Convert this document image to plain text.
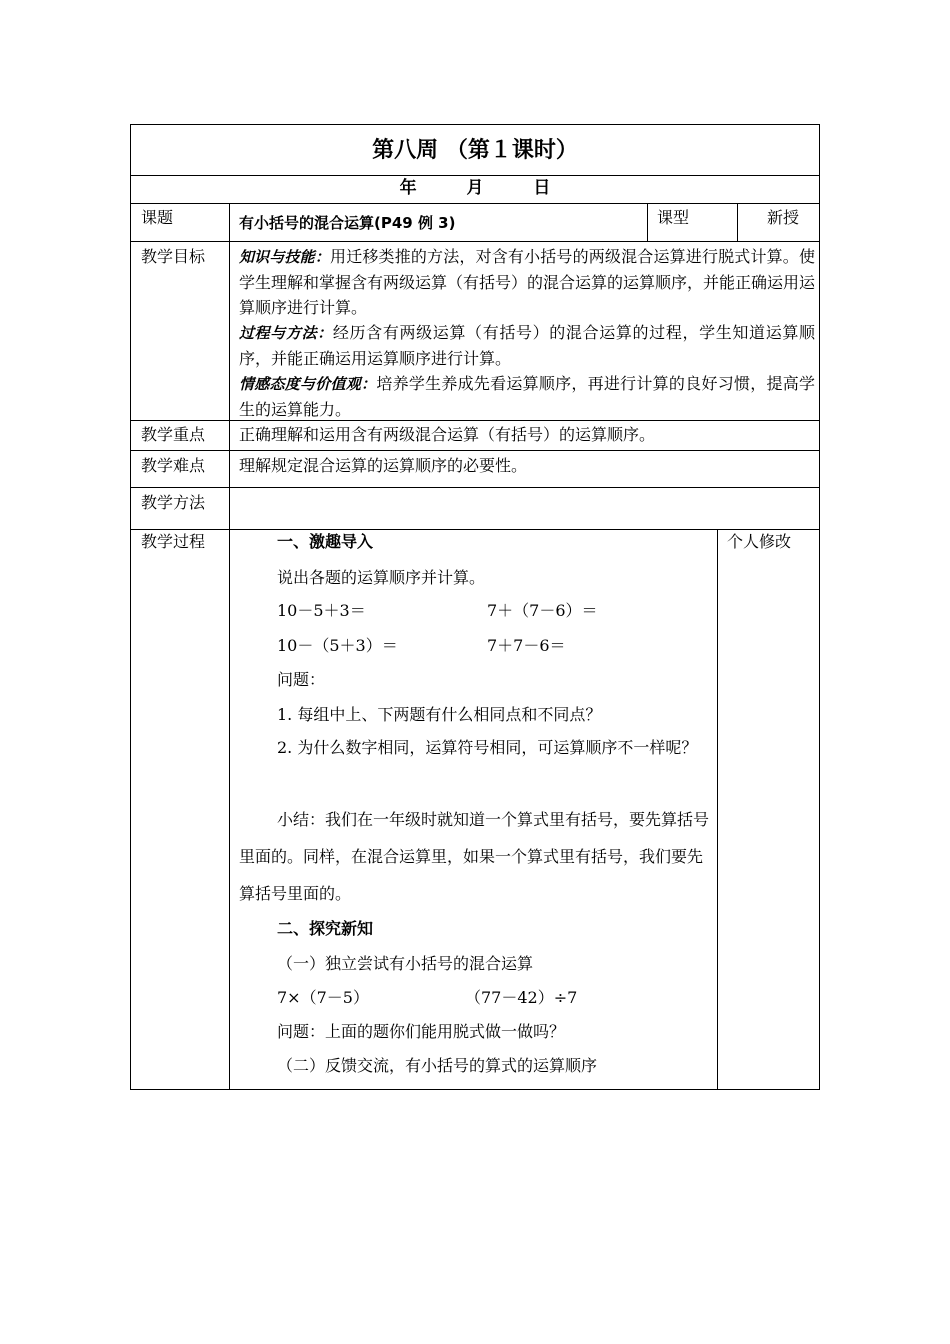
第八周 （第１课时）
年	月	日
课题	有小括号的混合运算(P49 例 3)	课型	新授
教学目标 知识与技能：用迁移类推的方法，对含有小括号的两级混合运算进行脱式计算。使学生理解和掌握含有两级运算（有括号）的混合运算的运算顺序，并能正确运用运算顺序进行计算。

过程与方法：经历含有两级运算（有括号）的混合运算的过程，学生知道运算顺序，并能正确运用运算顺序进行计算。

情感态度与价值观：培养学生养成先看运算顺序，再进行计算的良好习惯，提高学生的运算能力。

教学重点 正确理解和运用含有两级混合运算（有括号）的运算顺序。
教学难点 理解规定混合运算的运算顺序的必要性。
教学方法
教学过程	个人修改
一、激趣导入
说出各题的运算顺序并计算。
10－5＋3＝	7＋（7－6）＝
10－（5＋3）＝	7＋7－6＝
问题：
1. 每组中上、下两题有什么相同点和不同点？
2. 为什么数字相同，运算符号相同，可运算顺序不一样呢？
小结：我们在一年级时就知道一个算式里有括号，要先算括号里面的。同样，在混合运算里，如果一个算式里有括号，我们要先算括号里面的。
二、探究新知
（一）独立尝试有小括号的混合运算
7×（7－5）	（77－42）÷7
问题：上面的题你们能用脱式做一做吗？
（二）反馈交流，有小括号的算式的运算顺序
